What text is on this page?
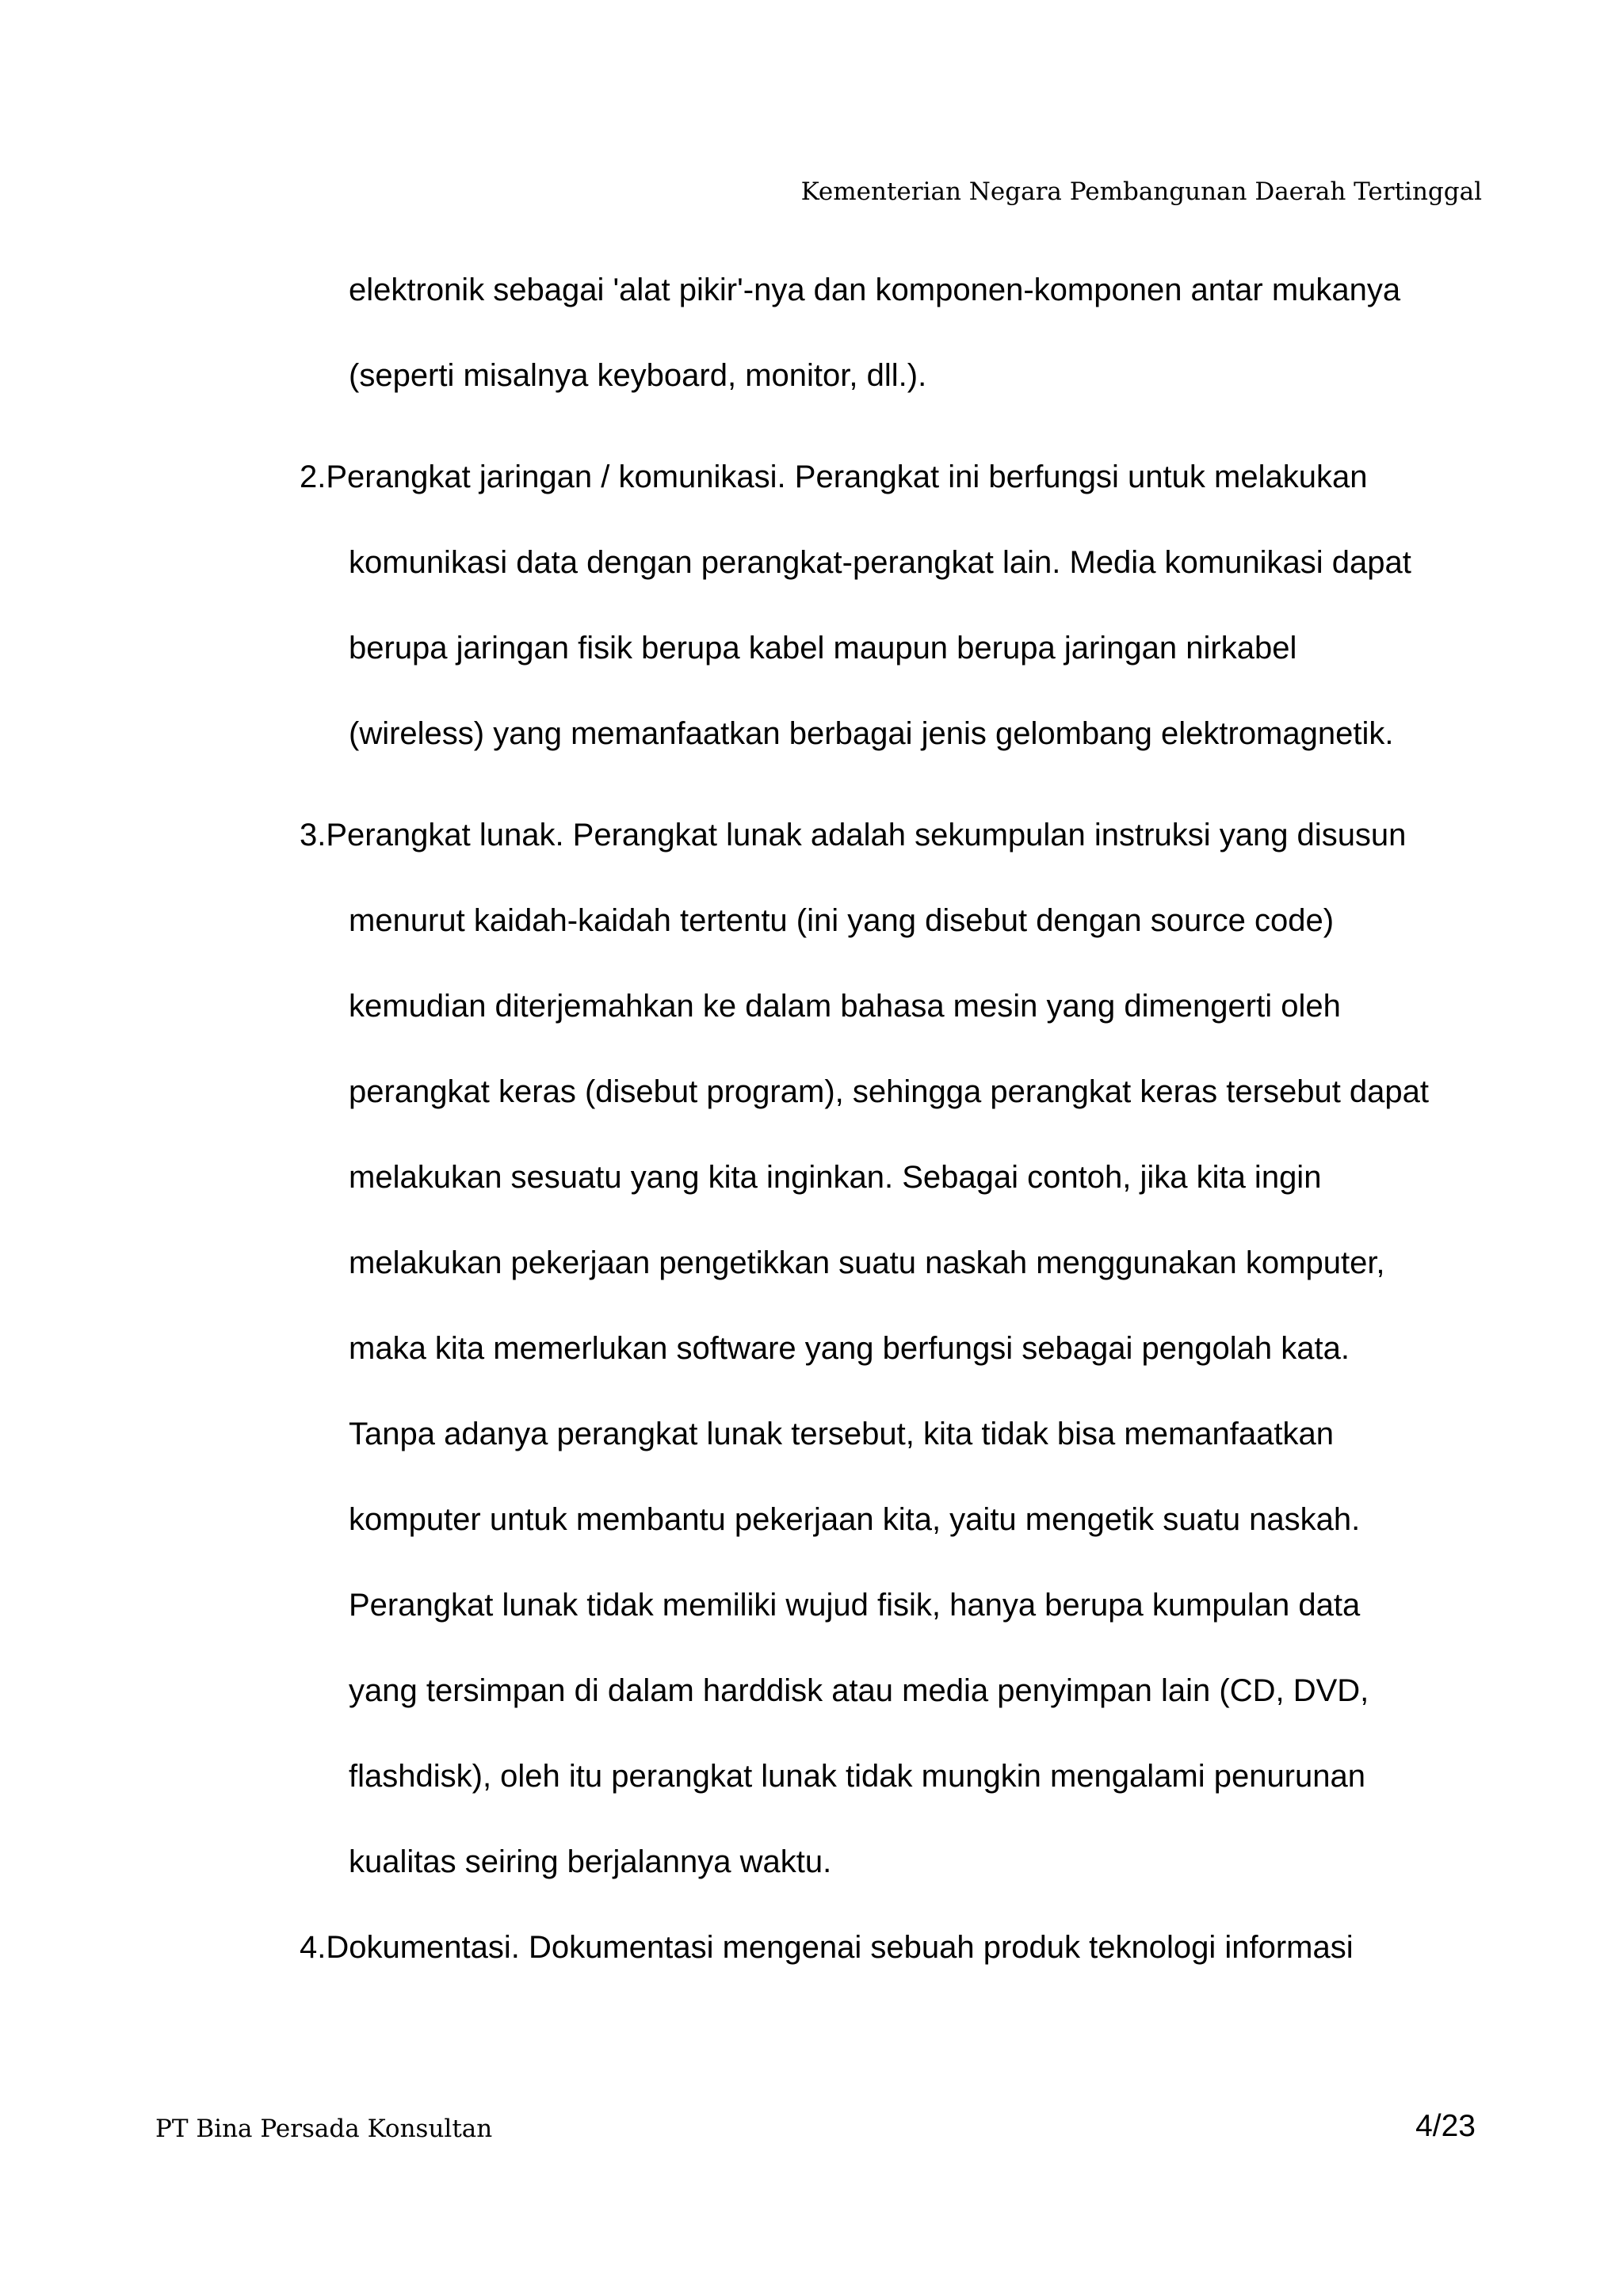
Kementerian Negara Pembangunan Daerah Tertinggal
elektronik sebagai 'alat pikir'-nya dan komponen-komponen antar mukanya
(seperti misalnya keyboard, monitor, dll.).
2.Perangkat jaringan / komunikasi. Perangkat ini berfungsi untuk melakukan
komunikasi data dengan perangkat-perangkat lain. Media komunikasi dapat
berupa jaringan fisik berupa kabel maupun berupa jaringan nirkabel
(wireless) yang memanfaatkan berbagai jenis gelombang elektromagnetik.
3.Perangkat lunak. Perangkat lunak adalah sekumpulan instruksi yang disusun
menurut kaidah-kaidah tertentu (ini yang disebut dengan source code)
kemudian diterjemahkan ke dalam bahasa mesin yang dimengerti oleh
perangkat keras (disebut program), sehingga perangkat keras tersebut dapat
melakukan sesuatu yang kita inginkan. Sebagai contoh, jika kita ingin
melakukan pekerjaan pengetikkan suatu naskah menggunakan komputer,
maka kita memerlukan software yang berfungsi sebagai pengolah kata.
Tanpa adanya perangkat lunak tersebut, kita tidak bisa memanfaatkan
komputer untuk membantu pekerjaan kita, yaitu mengetik suatu naskah.
Perangkat lunak tidak memiliki wujud fisik, hanya berupa kumpulan data
yang tersimpan di dalam harddisk atau media penyimpan lain (CD, DVD,
flashdisk), oleh itu perangkat lunak tidak mungkin mengalami penurunan
kualitas seiring berjalannya waktu.
4.Dokumentasi. Dokumentasi mengenai sebuah produk teknologi informasi
PT Bina Persada Konsultan	4/23
